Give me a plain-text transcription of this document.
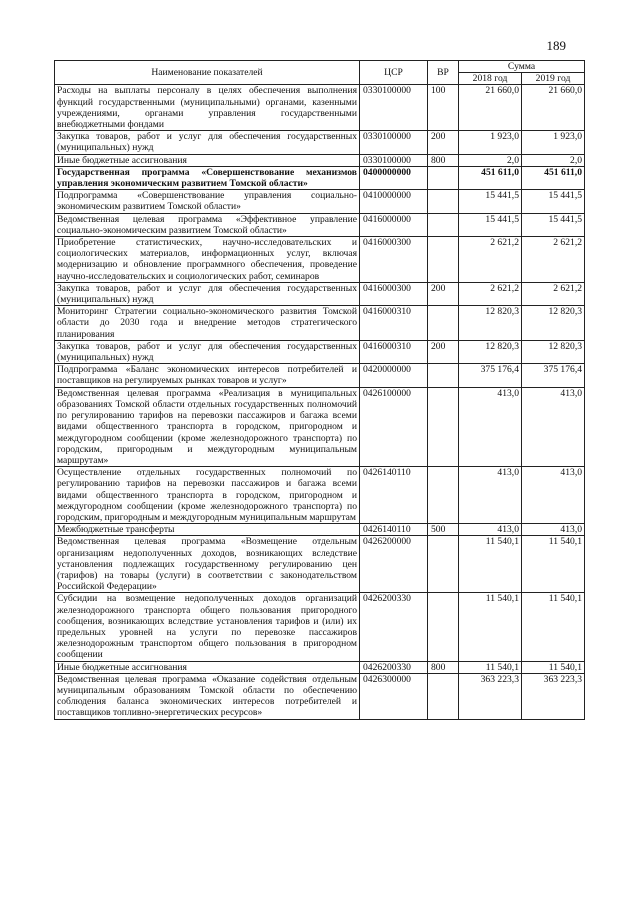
189
Наименование показателей	ЦСР	ВР	Сумма	
			2018 год	2019 год
Расходы на выплаты персоналу в целях обеспечения выполнения функций государственными (муниципальными) органами, казенными учреждениями, органами управления государственными внебюджетными фондами	0330100000	100	21 660,0	21 660,0
Закупка товаров, работ и услуг для обеспечения государственных (муниципальных) нужд	0330100000	200	1 923,0	1 923,0
Иные бюджетные ассигнования	0330100000	800	2,0	2,0
Государственная программа «Совершенствование механизмов управления экономическим развитием Томской области»	0400000000		451 611,0	451 611,0
Подпрограмма «Совершенствование управления социально-экономическим развитием Томской области»	0410000000		15 441,5	15 441,5
Ведомственная целевая программа «Эффективное управление социально-экономическим развитием Томской области»	0416000000		15 441,5	15 441,5
Приобретение статистических, научно-исследовательских и социологических материалов, информационных услуг, включая модернизацию и обновление программного обеспечения, проведение научно-исследовательских и социологических работ, семинаров	0416000300		2 621,2	2 621,2
Закупка товаров, работ и услуг для обеспечения государственных (муниципальных) нужд	0416000300	200	2 621,2	2 621,2
Мониторинг Стратегии социально-экономического развития Томской области до 2030 года и внедрение методов стратегического планирования	0416000310		12 820,3	12 820,3
Закупка товаров, работ и услуг для обеспечения государственных (муниципальных) нужд	0416000310	200	12 820,3	12 820,3
Подпрограмма «Баланс экономических интересов потребителей и поставщиков на регулируемых рынках товаров и услуг»	0420000000		375 176,4	375 176,4
Ведомственная целевая программа «Реализация в муниципальных образованиях Томской области отдельных государственных полномочий по регулированию тарифов на перевозки пассажиров и багажа всеми видами общественного транспорта в городском, пригородном и междугородном сообщении (кроме железнодорожного транспорта) по городским, пригородным и междугородным муниципальным маршрутам»	0426100000		413,0	413,0
Осуществление отдельных государственных полномочий по регулированию тарифов на перевозки пассажиров и багажа всеми видами общественного транспорта в городском, пригородном и междугородном сообщении (кроме железнодорожного транспорта) по городским, пригородным и междугородным муниципальным маршрутам	0426140110		413,0	413,0
Межбюджетные трансферты	0426140110	500	413,0	413,0
Ведомственная целевая программа «Возмещение отдельным организациям недополученных доходов, возникающих вследствие установления подлежащих государственному регулированию цен (тарифов) на товары (услуги) в соответствии с законодательством Российской Федерации»	0426200000		11 540,1	11 540,1
Субсидии на возмещение недополученных доходов организаций железнодорожного транспорта общего пользования пригородного сообщения, возникающих вследствие установления тарифов и (или) их предельных уровней на услуги по перевозке пассажиров железнодорожным транспортом общего пользования в пригородном сообщении	0426200330		11 540,1	11 540,1
Иные бюджетные ассигнования	0426200330	800	11 540,1	11 540,1
Ведомственная целевая программа «Оказание содействия отдельным муниципальным образованиям Томской области по обеспечению соблюдения баланса экономических интересов потребителей и поставщиков топливно-энергетических ресурсов»	0426300000		363 223,3	363 223,3
